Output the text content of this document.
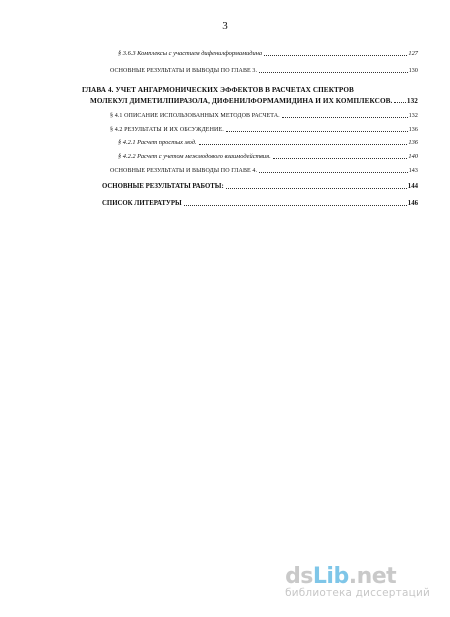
3
§ 3.6.3 Комплексы с участием дифенилформамидина	127
ОСНОВНЫЕ РЕЗУЛЬТАТЫ И ВЫВОДЫ ПО ГЛАВЕ 3.	130
ГЛАВА 4. УЧЕТ АНГАРМОНИЧЕСКИХ ЭФФЕКТОВ В РАСЧЕТАХ СПЕКТРОВ
МОЛЕКУЛ ДИМЕТИЛПИРАЗОЛА, ДИФЕНИЛФОРМАМИДИНА И ИХ КОМПЛЕКСОВ. 132
§ 4.1 ОПИСАНИЕ ИСПОЛЬЗОВАННЫХ МЕТОДОВ РАСЧЕТА.	132
§ 4.2 РЕЗУЛЬТАТЫ И ИХ ОБСУЖДЕНИЕ.	136
§ 4.2.1 Расчет простых мод.	136
§ 4.2.2 Расчет с учетом межмодового взаимодействия.	140
ОСНОВНЫЕ РЕЗУЛЬТАТЫ И ВЫВОДЫ ПО ГЛАВЕ 4.	143
ОСНОВНЫЕ РЕЗУЛЬТАТЫ РАБОТЫ:	144
СПИСОК ЛИТЕРАТУРЫ	146
dsLib.net
библиотека диссертаций
